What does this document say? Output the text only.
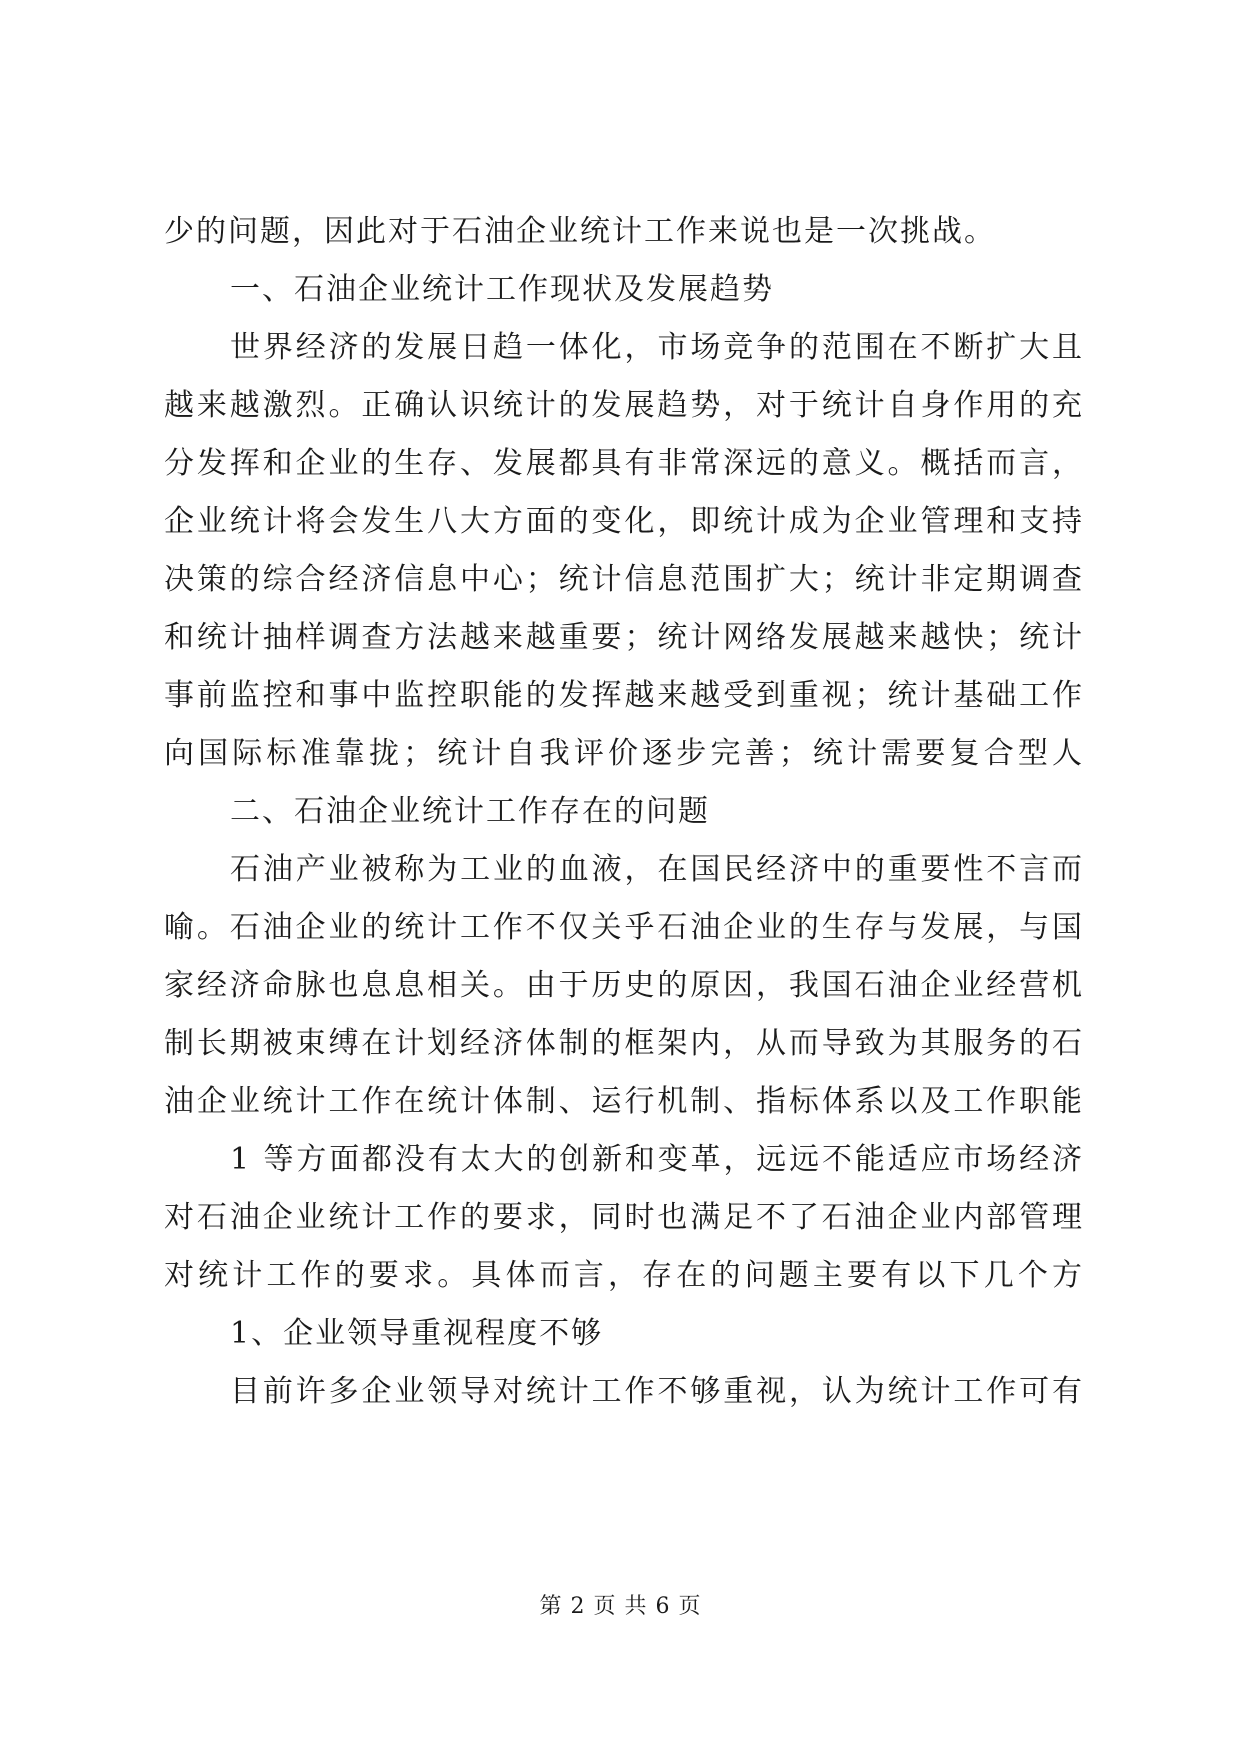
少的问题，因此对于石油企业统计工作来说也是一次挑战。
一、石油企业统计工作现状及发展趋势
世界经济的发展日趋一体化，市场竞争的范围在不断扩大且
越来越激烈。正确认识统计的发展趋势，对于统计自身作用的充
分发挥和企业的生存、发展都具有非常深远的意义。概括而言，
企业统计将会发生八大方面的变化，即统计成为企业管理和支持
决策的综合经济信息中心；统计信息范围扩大；统计非定期调查
和统计抽样调查方法越来越重要；统计网络发展越来越快；统计
事前监控和事中监控职能的发挥越来越受到重视；统计基础工作
向国际标准靠拢；统计自我评价逐步完善；统计需要复合型人
二、石油企业统计工作存在的问题
石油产业被称为工业的血液，在国民经济中的重要性不言而
喻。石油企业的统计工作不仅关乎石油企业的生存与发展，与国
家经济命脉也息息相关。由于历史的原因，我国石油企业经营机
制长期被束缚在计划经济体制的框架内，从而导致为其服务的石
油企业统计工作在统计体制、运行机制、指标体系以及工作职能
1 等方面都没有太大的创新和变革，远远不能适应市场经济
对石油企业统计工作的要求，同时也满足不了石油企业内部管理
对统计工作的要求。具体而言，存在的问题主要有以下几个方
1、企业领导重视程度不够
目前许多企业领导对统计工作不够重视，认为统计工作可有
第 2 页 共 6 页
